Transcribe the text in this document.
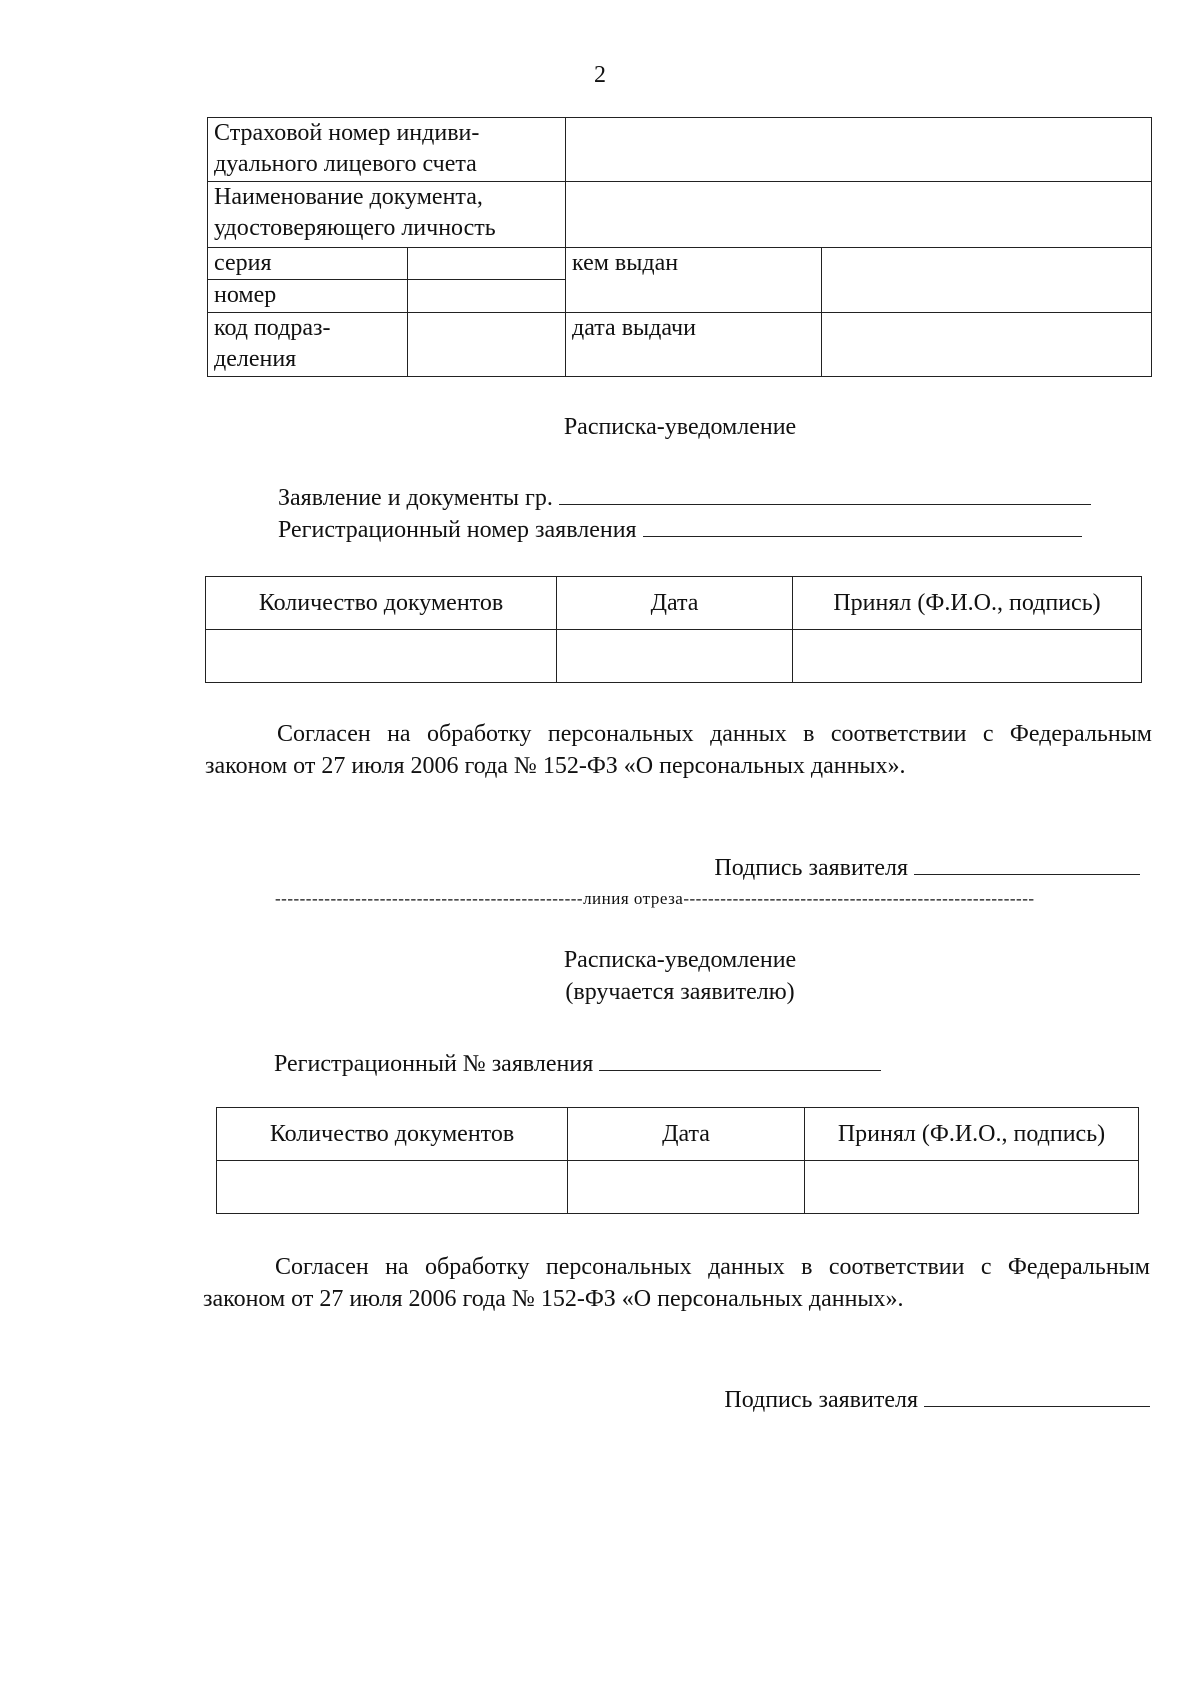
2
Страховой номер индиви-
дуального лицевого счета			
Наименование документа,
удостоверяющего личность			
серия		кем выдан	
номер			
код подраз-
деления		дата выдачи	
Расписка-уведомление
Заявление и документы гр.
Регистрационный номер заявления
Количество документов	Дата	Принял (Ф.И.О., подпись)

Согласен на обработку персональных данных в соответствии с Федеральным законом от 27 июля 2006 года № 152-ФЗ «О персональных данных».
Подпись заявителя
--------------------------------------------------линия отреза---------------------------------------------------------
Расписка-уведомление
(вручается заявителю)
Регистрационный № заявления
Количество документов	Дата	Принял (Ф.И.О., подпись)

Согласен на обработку персональных данных в соответствии с Федеральным законом от 27 июля 2006 года № 152-ФЗ «О персональных данных».
Подпись заявителя
